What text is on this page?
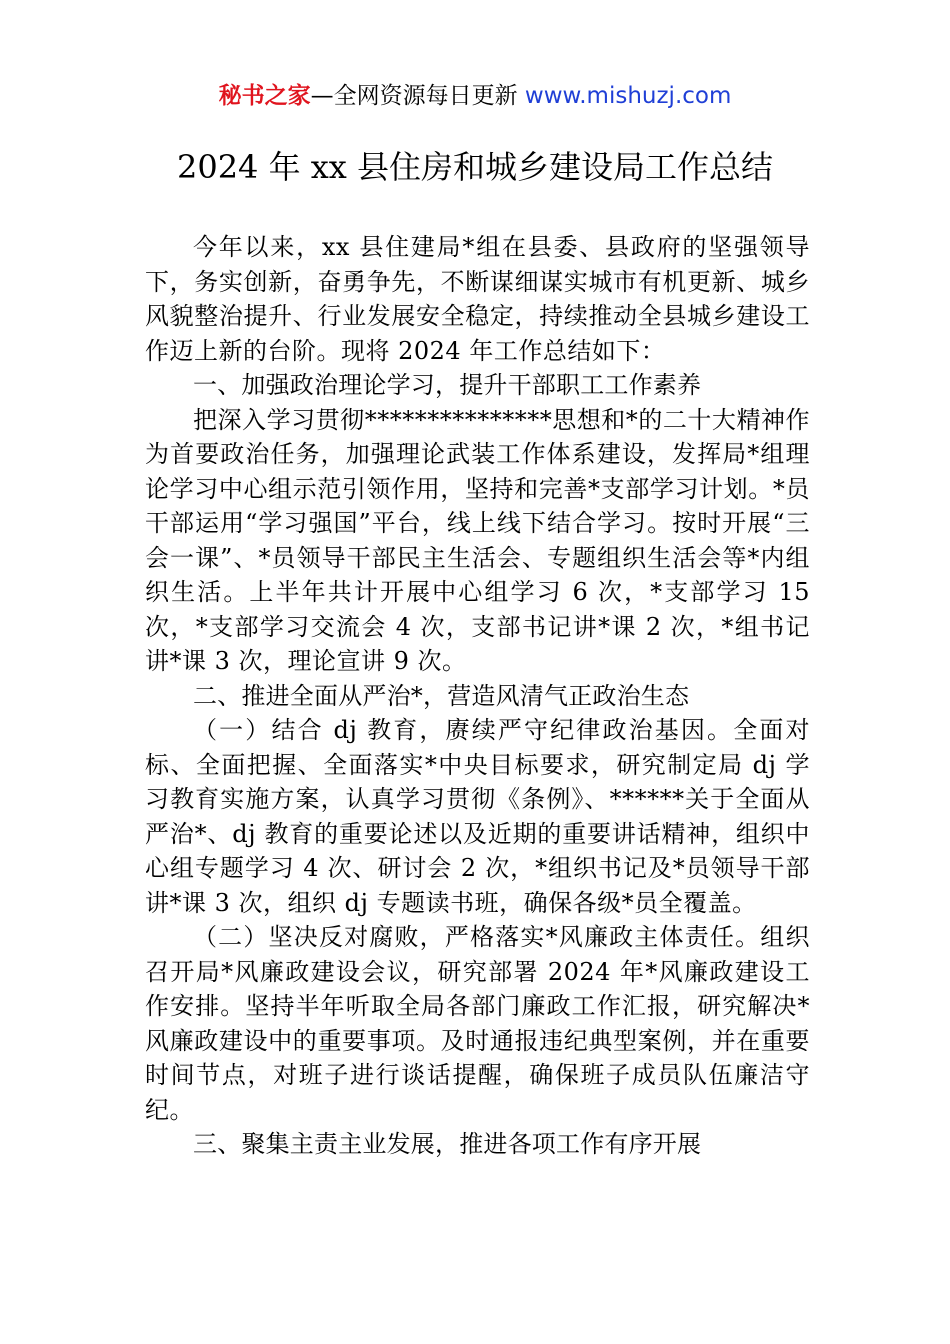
秘书之家—全网资源每日更新 www.mishuzj.com
2024 年 xx 县住房和城乡建设局工作总结

今年以来，xx 县住建局*组在县委、县政府的坚强领导下，务实创新，奋勇争先，不断谋细谋实城市有机更新、城乡风貌整治提升、行业发展安全稳定，持续推动全县城乡建设工作迈上新的台阶。现将 2024 年工作总结如下：

一、加强政治理论学习，提升干部职工工作素养

把深入学习贯彻***************思想和*的二十大精神作为首要政治任务，加强理论武装工作体系建设，发挥局*组理论学习中心组示范引领作用，坚持和完善*支部学习计划。*员干部运用“学习强国”平台，线上线下结合学习。按时开展“三会一课”、*员领导干部民主生活会、专题组织生活会等*内组织生活。上半年共计开展中心组学习 6 次，*支部学习 15 次，*支部学习交流会 4 次，支部书记讲*课 2 次，*组书记讲*课 3 次，理论宣讲 9 次。

二、推进全面从严治*，营造风清气正政治生态

（一）结合 dj 教育，赓续严守纪律政治基因。全面对标、全面把握、全面落实*中央目标要求，研究制定局 dj 学习教育实施方案，认真学习贯彻《条例》、******关于全面从严治*、dj 教育的重要论述以及近期的重要讲话精神，组织中心组专题学习 4 次、研讨会 2 次，*组织书记及*员领导干部讲*课 3 次，组织 dj 专题读书班，确保各级*员全覆盖。

（二）坚决反对腐败，严格落实*风廉政主体责任。组织召开局*风廉政建设会议，研究部署 2024 年*风廉政建设工作安排。坚持半年听取全局各部门廉政工作汇报，研究解决*风廉政建设中的重要事项。及时通报违纪典型案例，并在重要时间节点，对班子进行谈话提醒，确保班子成员队伍廉洁守纪。

三、聚集主责主业发展，推进各项工作有序开展
